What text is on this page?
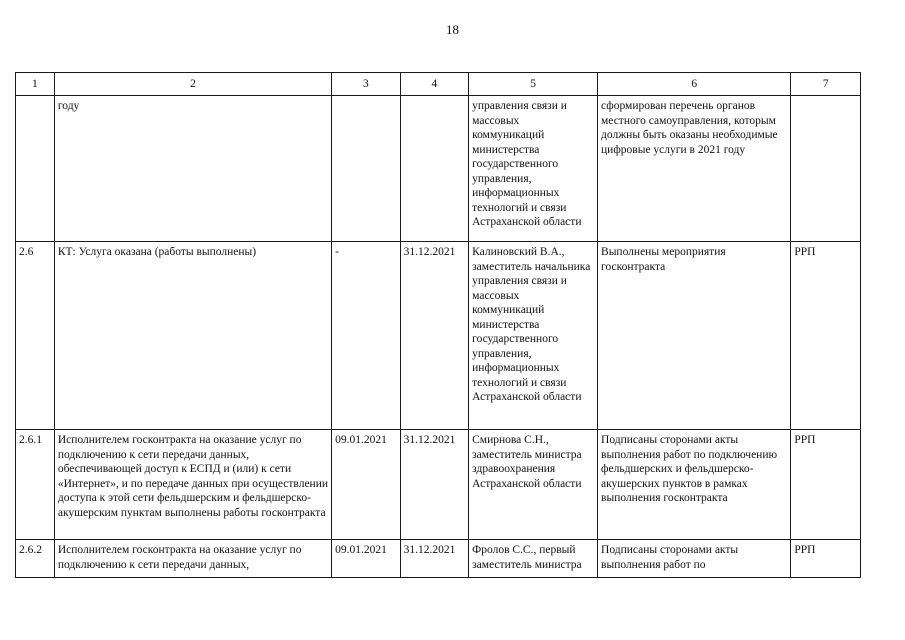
18
1	2	3	4	5	6	7
	году			управления связи и массовых коммуникаций министерства государственного управления, информационных технологий и связи Астраханской области	сформирован перечень органов местного самоуправления, которым должны быть оказаны необходимые цифровые услуги в 2021 году	
2.6	КТ: Услуга оказана (работы выполнены)	-	31.12.2021	Калиновский В.А., заместитель начальника управления связи и массовых коммуникаций министерства государственного управления, информационных технологий и связи Астраханской области	Выполнены мероприятия госконтракта	РРП
2.6.1	Исполнителем госконтракта на оказание услуг по подключению к сети передачи данных, обеспечивающей доступ к ЕСПД и (или) к сети «Интернет», и по передаче данных при осуществлении доступа к этой сети фельдшерским и фельдшерско-акушерским пунктам выполнены работы госконтракта	09.01.2021	31.12.2021	Смирнова С.Н., заместитель министра здравоохранения Астраханской области	Подписаны сторонами акты выполнения работ по подключению фельдшерских и фельдшерско-акушерских пунктов в рамках выполнения госконтракта	РРП
2.6.2	Исполнителем госконтракта на оказание услуг по подключению к сети передачи данных,	09.01.2021	31.12.2021	Фролов С.С., первый заместитель министра	Подписаны сторонами акты выполнения работ по	РРП
